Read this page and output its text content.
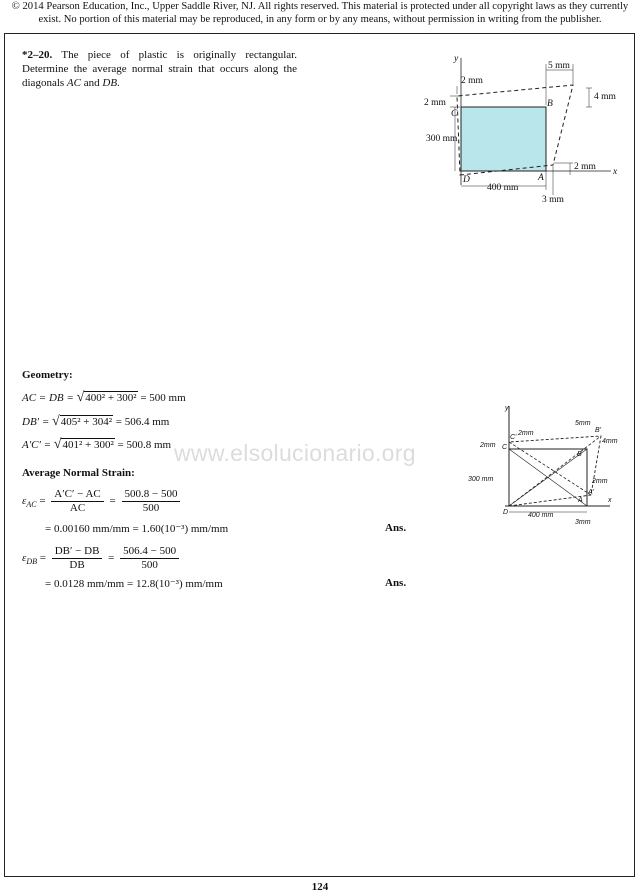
© 2014 Pearson Education, Inc., Upper Saddle River, NJ. All rights reserved. This material is protected under all copyright laws as they currently exist. No portion of this material may be reproduced, in any form or by any means, without permission in writing from the publisher.
*2–20. The piece of plastic is originally rectangular. Determine the average normal strain that occurs along the diagonals AC and DB.
y
x
C
B
D	A
5 mm
2 mm
2 mm
4 mm
300 mm
2 mm
400 mm
3 mm
www.elsolucionario.org
y
x
C
C'
B
B'
D
A
A'
5mm
2mm
2mm
4mm
300 mm	2mm
400 mm
3mm
Geometry:
AC = DB = √400² + 300² = 500 mm
DB′ = √405² + 304² = 506.4 mm
A′C′ = √401² + 300² = 500.8 mm
Average Normal Strain:
$\varepsilon_{AC} = \frac{A'C' - AC}{AC} = \frac{500.8 - 500}{500}$
= 0.00160 mm/mm = 1.60(10⁻³) mm/mm	Ans.
$\varepsilon_{DB} = \frac{DB' - DB}{DB} = \frac{506.4 - 500}{500}$
= 0.0128 mm/mm = 12.8(10⁻³) mm/mm	Ans.
124
